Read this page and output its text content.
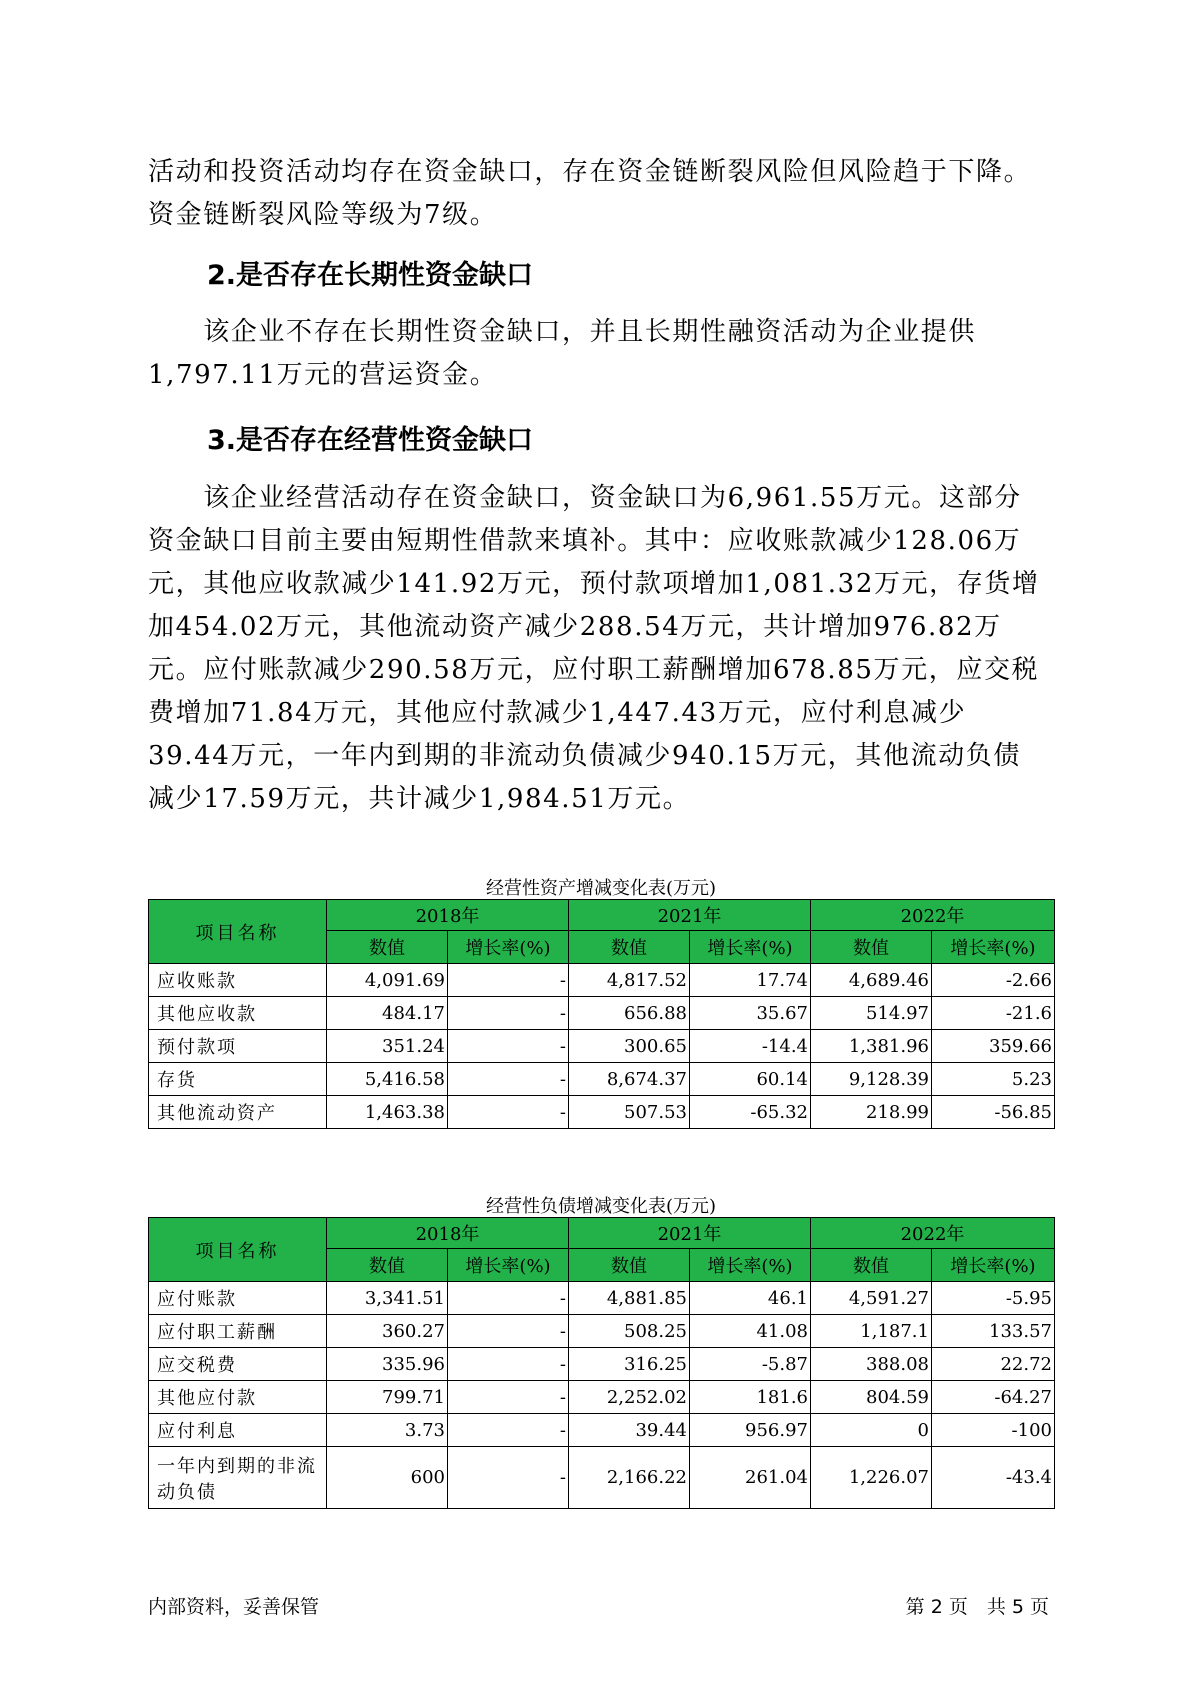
活动和投资活动均存在资金缺口，存在资金链断裂风险但风险趋于下降。资金链断裂风险等级为7级。

2.是否存在长期性资金缺口

　　该企业不存在长期性资金缺口，并且长期性融资活动为企业提供1,797.11万元的营运资金。

3.是否存在经营性资金缺口

　　该企业经营活动存在资金缺口，资金缺口为6,961.55万元。这部分资金缺口目前主要由短期性借款来填补。其中：应收账款减少128.06万元，其他应收款减少141.92万元，预付款项增加1,081.32万元，存货增加454.02万元，其他流动资产减少288.54万元，共计增加976.82万元。应付账款减少290.58万元，应付职工薪酬增加678.85万元，应交税费增加71.84万元，其他应付款减少1,447.43万元，应付利息减少39.44万元，一年内到期的非流动负债减少940.15万元，其他流动负债减少17.59万元，共计减少1,984.51万元。

经营性资产增减变化表(万元)

项目名称	2018年		2021年		2022年	
	数值	增长率(%)	数值	增长率(%)	数值	增长率(%)
应收账款	4,091.69	-	4,817.52	17.74	4,689.46	-2.66
其他应收款	484.17	-	656.88	35.67	514.97	-21.6
预付款项	351.24	-	300.65	-14.4	1,381.96	359.66
存货	5,416.58	-	8,674.37	60.14	9,128.39	5.23
其他流动资产	1,463.38	-	507.53	-65.32	218.99	-56.85

经营性负债增减变化表(万元)

项目名称	2018年		2021年		2022年	
	数值	增长率(%)	数值	增长率(%)	数值	增长率(%)
应付账款	3,341.51	-	4,881.85	46.1	4,591.27	-5.95
应付职工薪酬	360.27	-	508.25	41.08	1,187.1	133.57
应交税费	335.96	-	316.25	-5.87	388.08	22.72
其他应付款	799.71	-	2,252.02	181.6	804.59	-64.27
应付利息	3.73	-	39.44	956.97	0	-100
一年内到期的非流动负债	600	-	2,166.22	261.04	1,226.07	-43.4

内部资料，妥善保管	第 2 页　共 5 页
